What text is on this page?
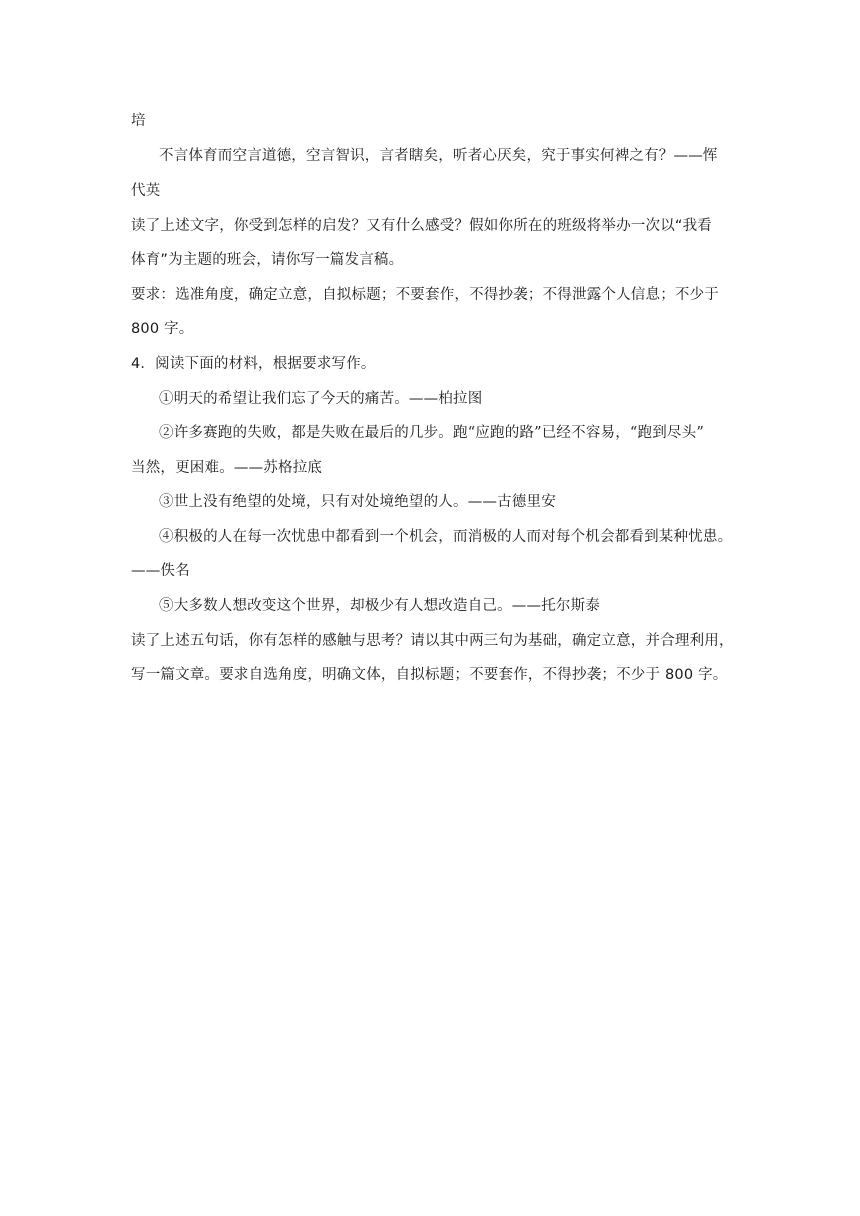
培
不言体育而空言道德，空言智识，言者瞎矣，听者心厌矣，究于事实何裨之有？——恽
代英
读了上述文字，你受到怎样的启发？又有什么感受？假如你所在的班级将举办一次以“我看
体育”为主题的班会，请你写一篇发言稿。
要求：选准角度，确定立意，自拟标题；不要套作，不得抄袭；不得泄露个人信息；不少于
800 字。
4．阅读下面的材料，根据要求写作。
①明天的希望让我们忘了今天的痛苦。——柏拉图
②许多赛跑的失败，都是失败在最后的几步。跑“应跑的路”已经不容易，“跑到尽头”
当然，更困难。——苏格拉底
③世上没有绝望的处境，只有对处境绝望的人。——古德里安
④积极的人在每一次忧患中都看到一个机会，而消极的人而对每个机会都看到某种忧患。
——佚名
⑤大多数人想改变这个世界，却极少有人想改造自己。——托尔斯泰
读了上述五句话，你有怎样的感触与思考？请以其中两三句为基础，确定立意，并合理利用，
写一篇文章。要求自选角度，明确文体，自拟标题；不要套作，不得抄袭；不少于 800 字。
